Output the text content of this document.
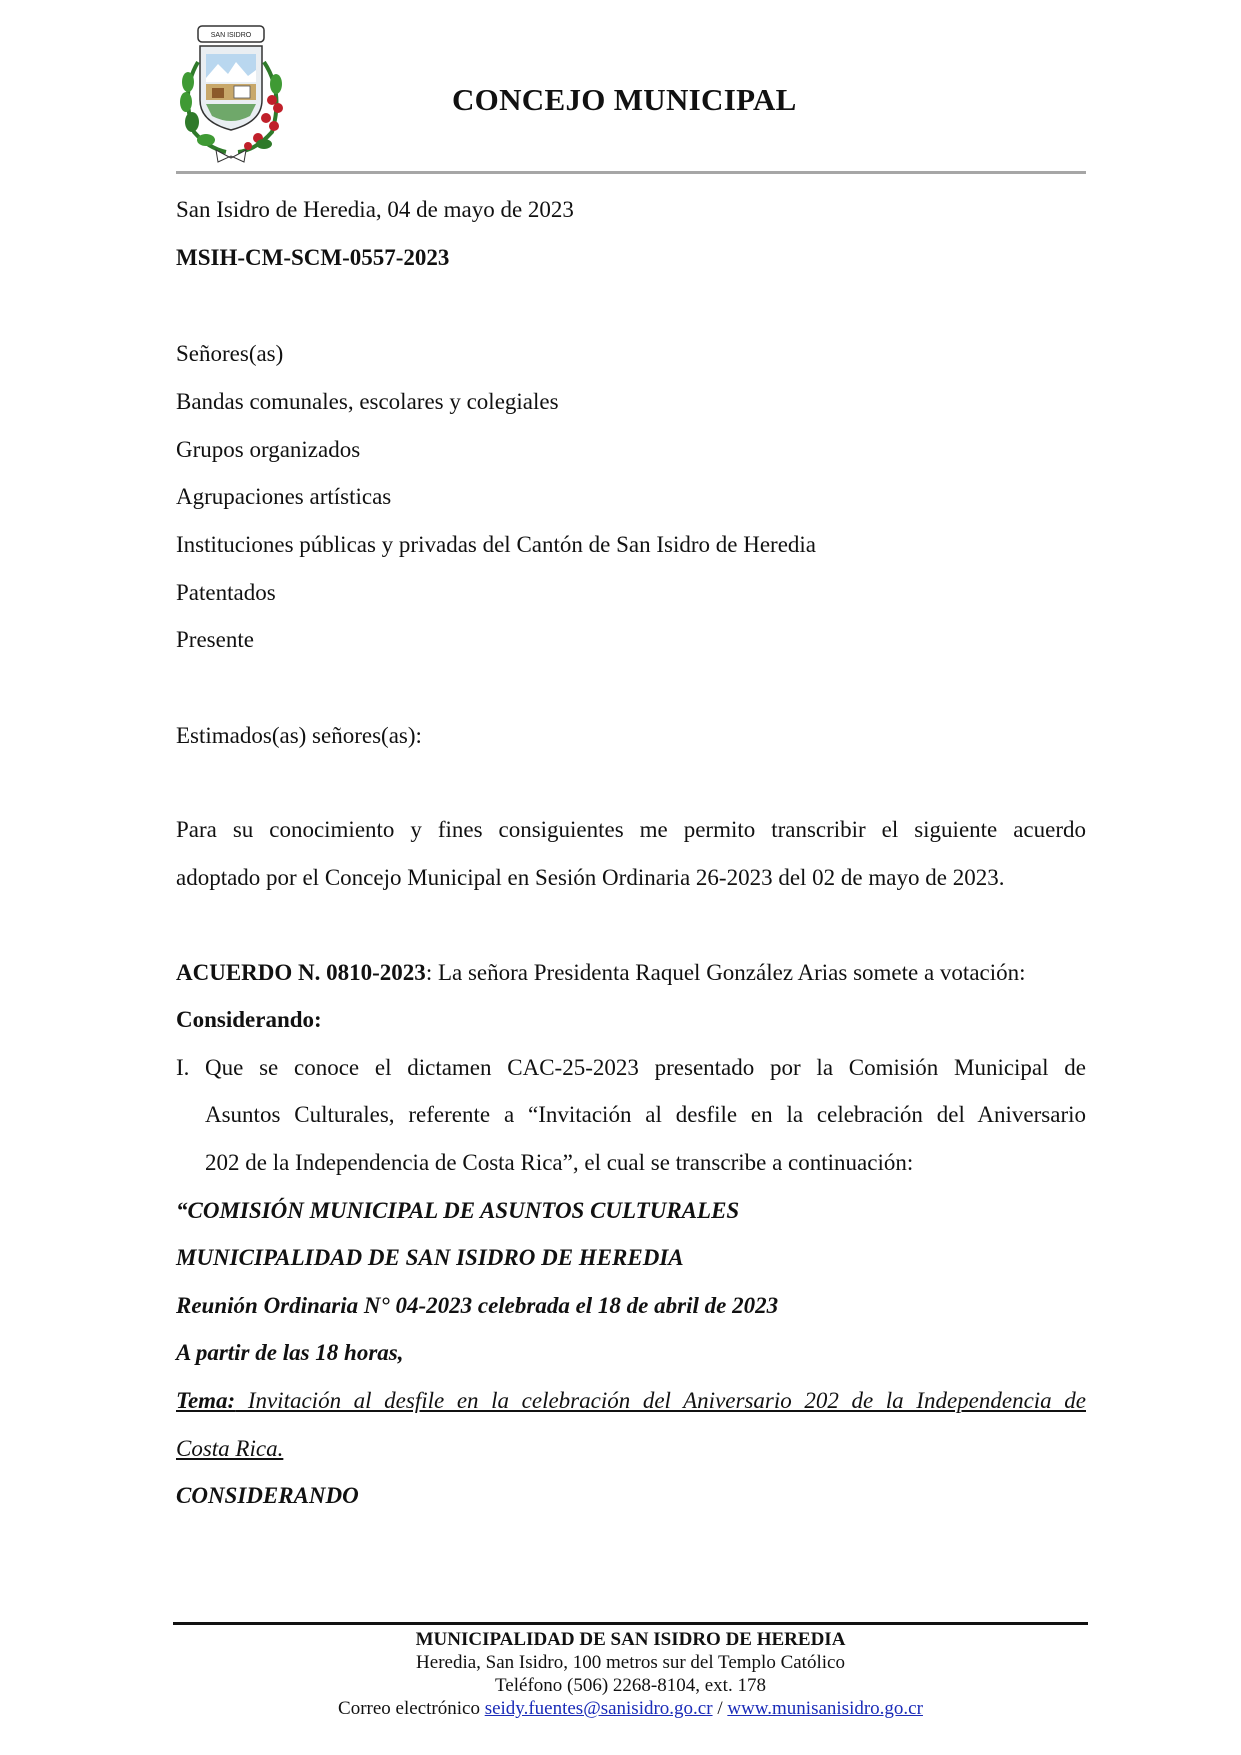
SAN ISIDRO
CONCEJO MUNICIPAL
San Isidro de Heredia, 04 de mayo de 2023
MSIH-CM-SCM-0557-2023
Señores(as)
Bandas comunales, escolares y colegiales
Grupos organizados
Agrupaciones artísticas
Instituciones públicas y privadas del Cantón de San Isidro de Heredia
Patentados
Presente
Estimados(as) señores(as):
Para su conocimiento y fines consiguientes me permito transcribir el siguiente acuerdo
adoptado por el Concejo Municipal en Sesión Ordinaria 26-2023 del 02 de mayo de 2023.
ACUERDO N. 0810-2023: La señora Presidenta Raquel González Arias somete a votación:
Considerando:
I. Que se conoce el dictamen CAC-25-2023 presentado por la Comisión Municipal de
Asuntos Culturales, referente a “Invitación al desfile en la celebración del Aniversario
202 de la Independencia de Costa Rica”, el cual se transcribe a continuación:
“COMISIÓN MUNICIPAL DE ASUNTOS CULTURALES
MUNICIPALIDAD DE SAN ISIDRO DE HEREDIA
Reunión Ordinaria N° 04-2023 celebrada el 18 de abril de 2023
A partir de las 18 horas,
Tema: Invitación al desfile en la celebración del Aniversario 202 de la Independencia de
Costa Rica.
CONSIDERANDO
MUNICIPALIDAD DE SAN ISIDRO DE HEREDIA
Heredia, San Isidro, 100 metros sur del Templo Católico
Teléfono (506) 2268-8104, ext. 178
Correo electrónico seidy.fuentes@sanisidro.go.cr / www.munisanisidro.go.cr
